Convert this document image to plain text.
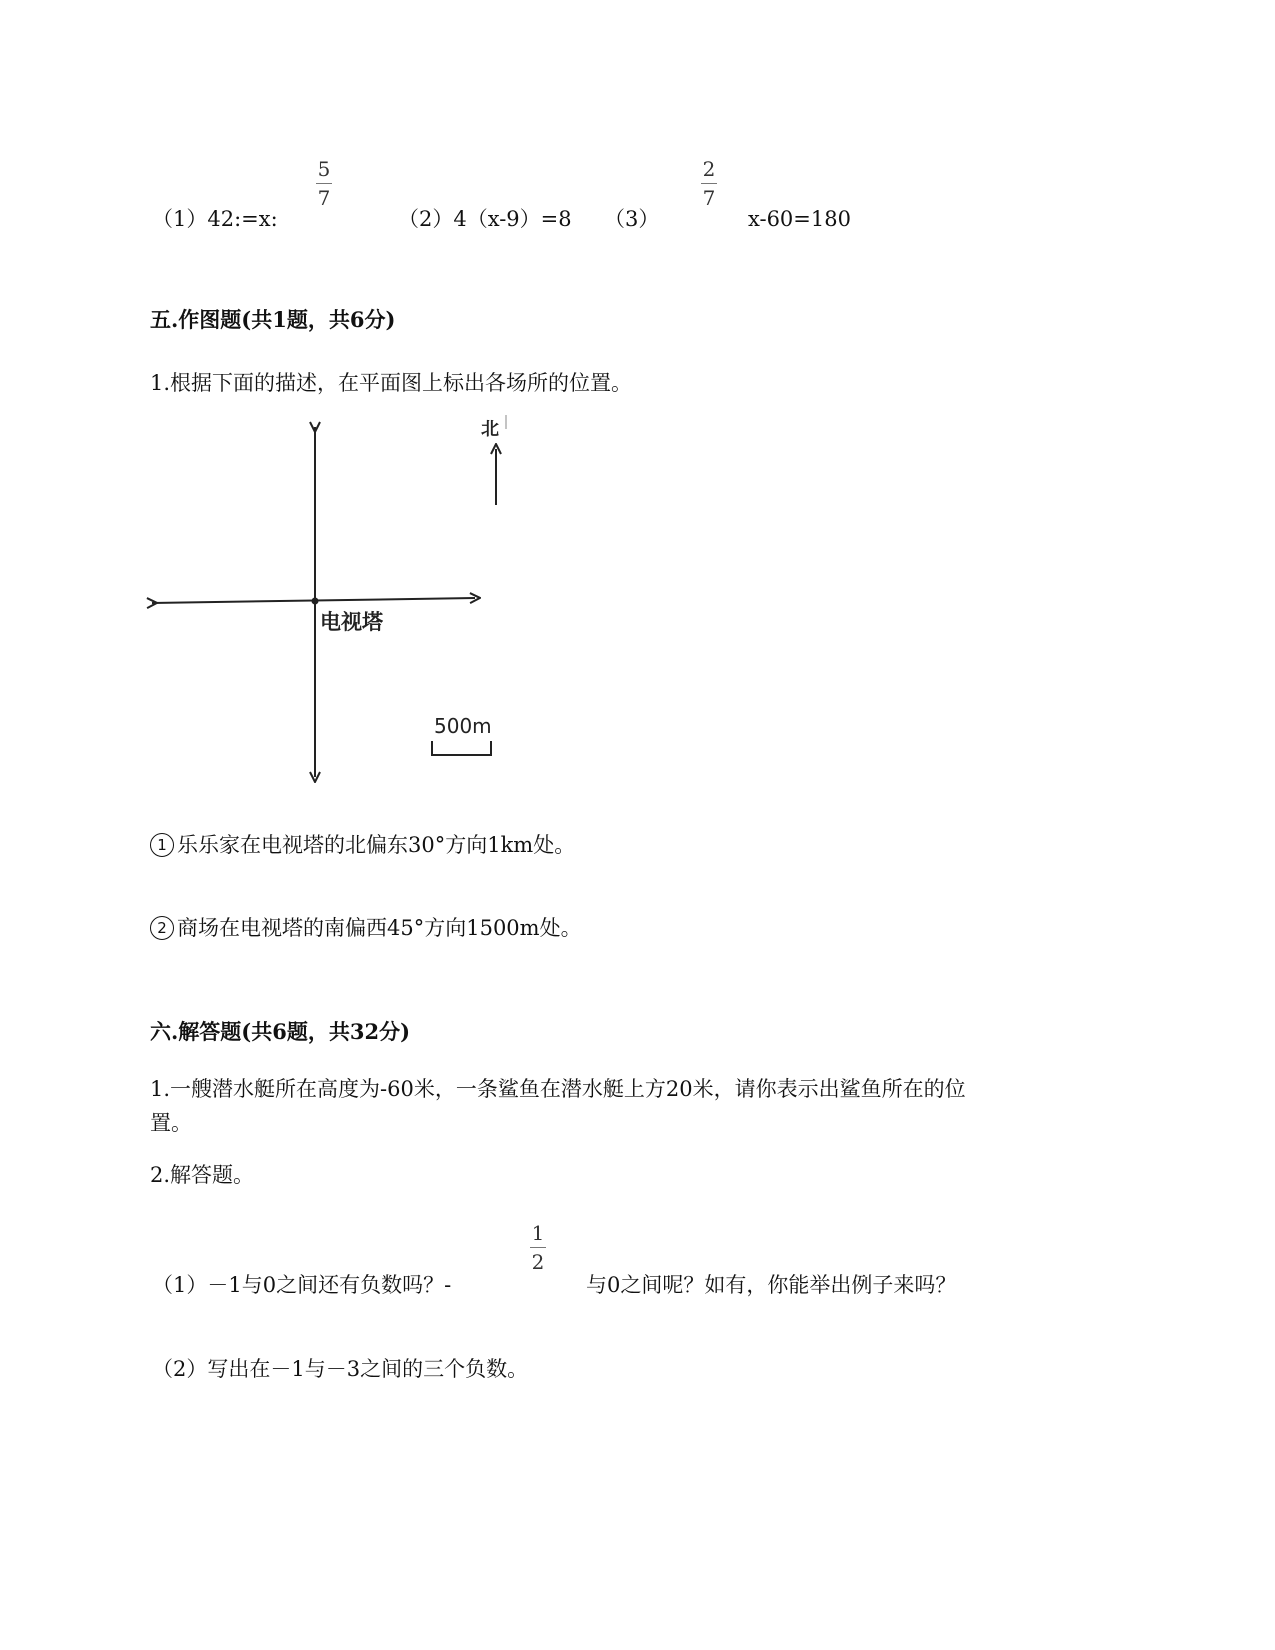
（1）42:=x:
5
7
（2）4（x-9）=8 （3）
2
7
x-60=180
五.作图题(共1题，共6分)
1.根据下面的描述，在平面图上标出各场所的位置。
电视塔
北
500m
1 乐乐家在电视塔的北偏东30°方向1km处。
2 商场在电视塔的南偏西45°方向1500m处。
六.解答题(共6题，共32分)
1.一艘潜水艇所在高度为-60米，一条鲨鱼在潜水艇上方20米，请你表示出鲨鱼所在的位
置。
2.解答题。
（1）－1与0之间还有负数吗？-
1
2
与0之间呢？如有，你能举出例子来吗？
（2）写出在－1与－3之间的三个负数。
